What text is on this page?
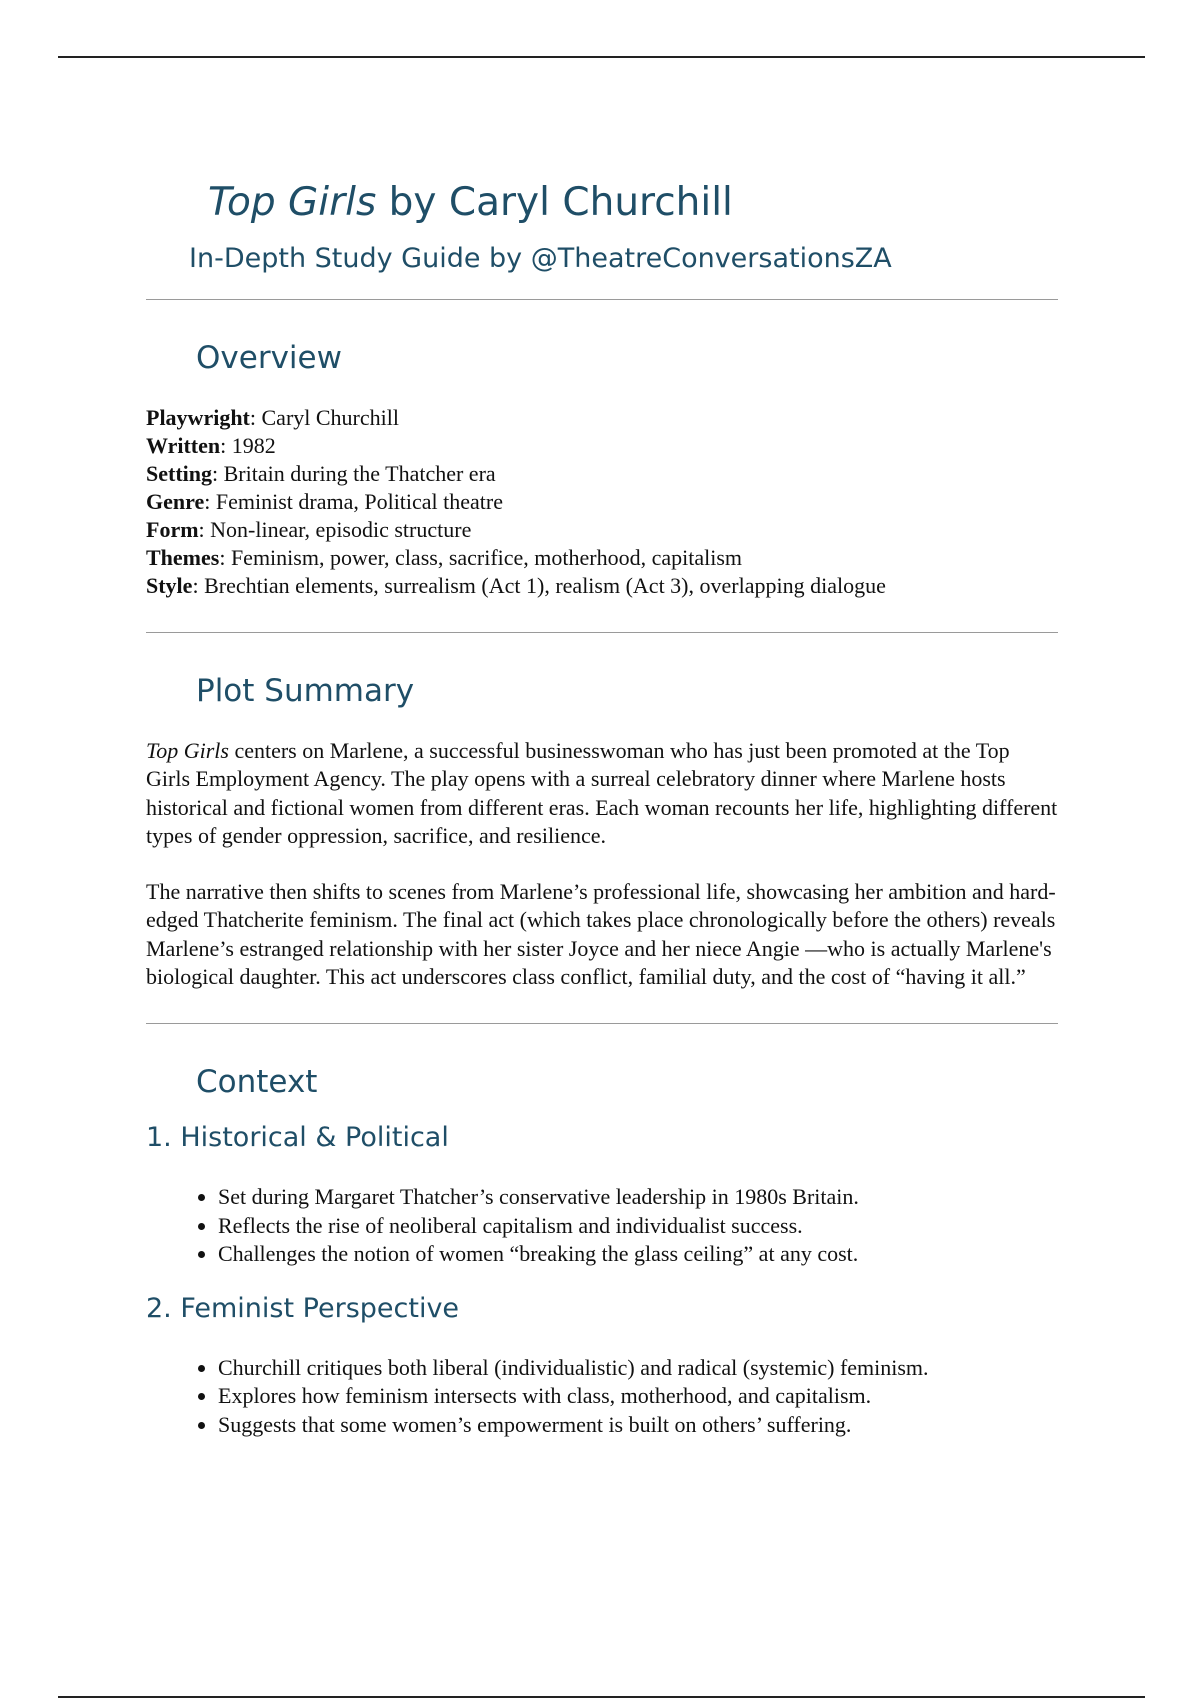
Top Girls by Caryl Churchill
In-Depth Study Guide by @TheatreConversationsZA
Overview
Playwright: Caryl Churchill
Written: 1982
Setting: Britain during the Thatcher era
Genre: Feminist drama, Political theatre
Form: Non-linear, episodic structure
Themes: Feminism, power, class, sacrifice, motherhood, capitalism
Style: Brechtian elements, surrealism (Act 1), realism (Act 3), overlapping dialogue
Plot Summary

Top Girls centers on Marlene, a successful businesswoman who has just been promoted at the Top Girls Employment Agency. The play opens with a surreal celebratory dinner where Marlene hosts historical and fictional women from different eras. Each woman recounts her life, highlighting different types of gender oppression, sacrifice, and resilience.

The narrative then shifts to scenes from Marlene’s professional life, showcasing her ambition and hard-edged Thatcherite feminism. The final act (which takes place chronologically before the others) reveals Marlene’s estranged relationship with her sister Joyce and her niece Angie —who is actually Marlene's biological daughter. This act underscores class conflict, familial duty, and the cost of “having it all.”

Context
1. Historical & Political
• Set during Margaret Thatcher’s conservative leadership in 1980s Britain.
• Reflects the rise of neoliberal capitalism and individualist success.
• Challenges the notion of women “breaking the glass ceiling” at any cost.
2. Feminist Perspective
• Churchill critiques both liberal (individualistic) and radical (systemic) feminism.
• Explores how feminism intersects with class, motherhood, and capitalism.
• Suggests that some women’s empowerment is built on others’ suffering.
